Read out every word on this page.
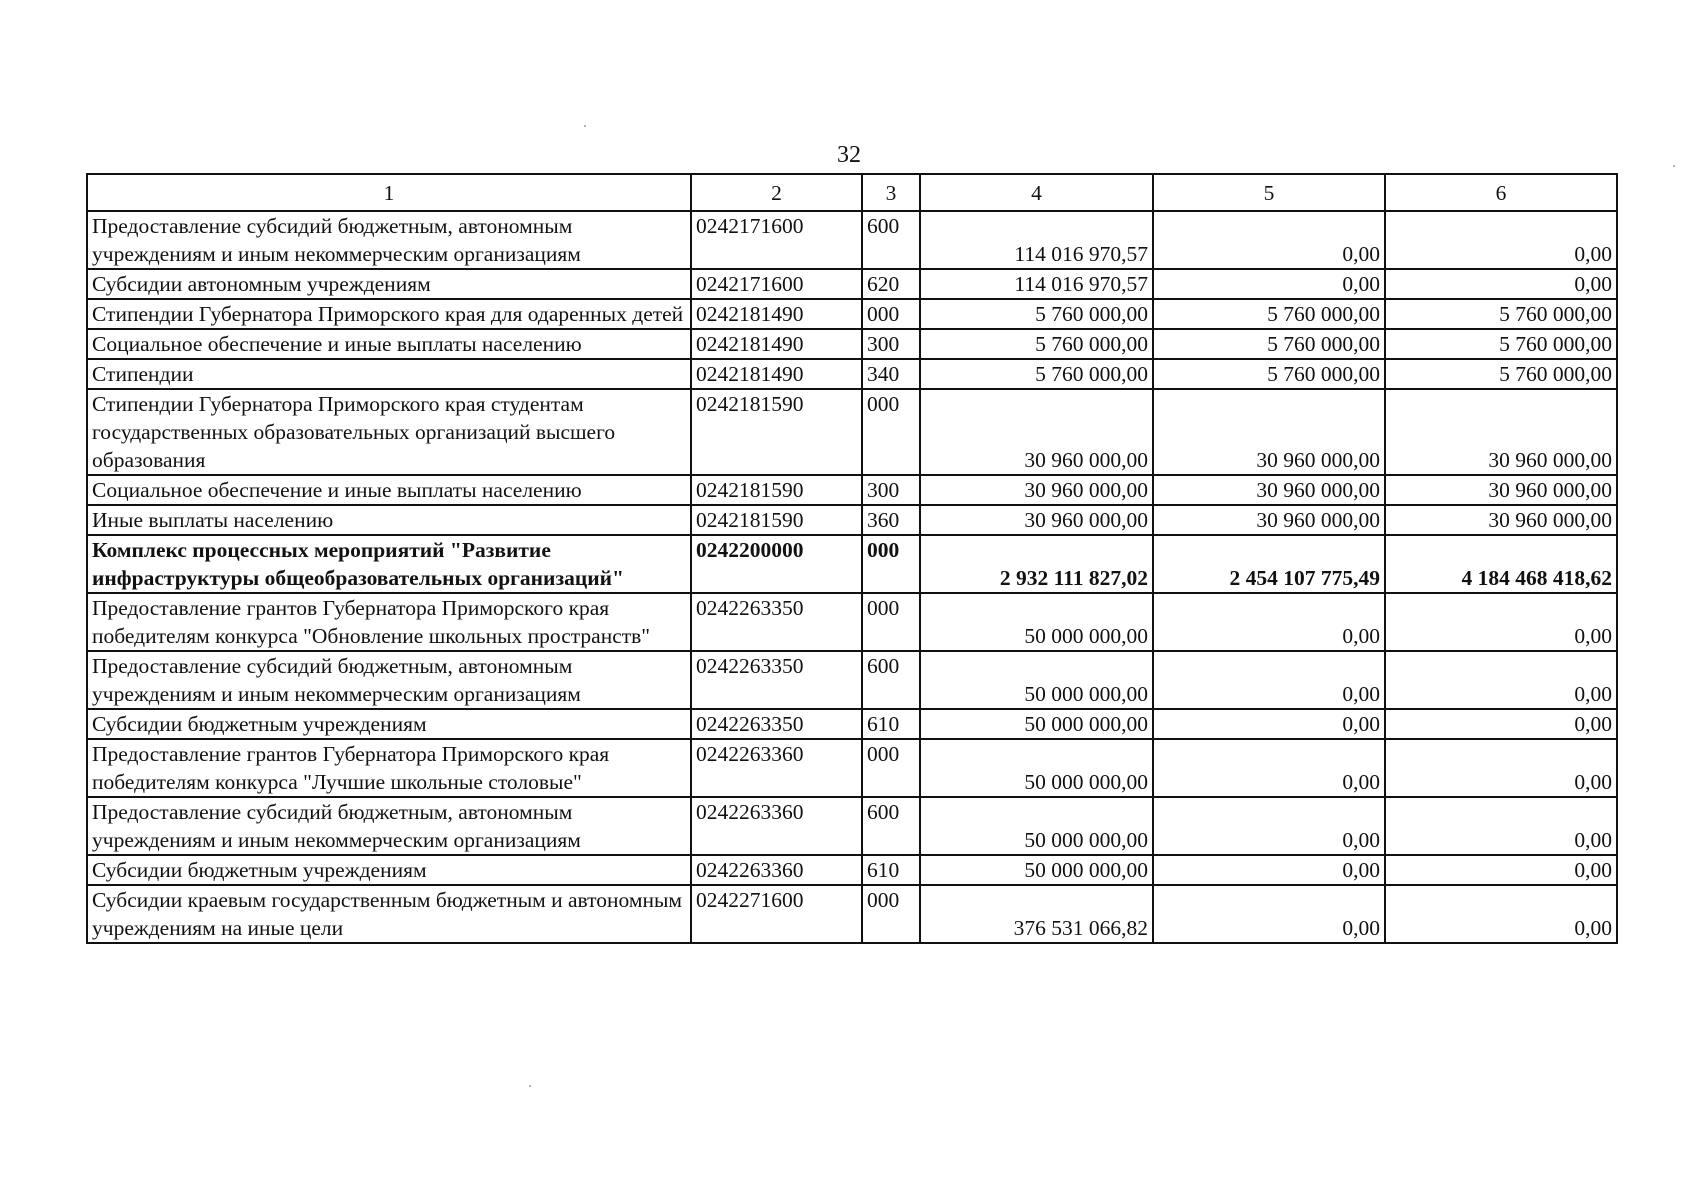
32
1	2	3	4	5	6
Предоставление субсидий бюджетным, автономным учреждениям и иным некоммерческим организациям	0242171600	600	114 016 970,57	0,00	0,00
Субсидии автономным учреждениям	0242171600	620	114 016 970,57	0,00	0,00
Стипендии Губернатора Приморского края для одаренных детей	0242181490	000	5 760 000,00	5 760 000,00	5 760 000,00
Социальное обеспечение и иные выплаты населению	0242181490	300	5 760 000,00	5 760 000,00	5 760 000,00
Стипендии	0242181490	340	5 760 000,00	5 760 000,00	5 760 000,00
Стипендии Губернатора Приморского края студентам государственных образовательных организаций высшего образования	0242181590	000	30 960 000,00	30 960 000,00	30 960 000,00
Социальное обеспечение и иные выплаты населению	0242181590	300	30 960 000,00	30 960 000,00	30 960 000,00
Иные выплаты населению	0242181590	360	30 960 000,00	30 960 000,00	30 960 000,00
Комплекс процессных мероприятий "Развитие инфраструктуры общеобразовательных организаций"	0242200000	000	2 932 111 827,02	2 454 107 775,49	4 184 468 418,62
Предоставление грантов Губернатора Приморского края победителям конкурса "Обновление школьных пространств"	0242263350	000	50 000 000,00	0,00	0,00
Предоставление субсидий бюджетным, автономным учреждениям и иным некоммерческим организациям	0242263350	600	50 000 000,00	0,00	0,00
Субсидии бюджетным учреждениям	0242263350	610	50 000 000,00	0,00	0,00
Предоставление грантов Губернатора Приморского края победителям конкурса "Лучшие школьные столовые"	0242263360	000	50 000 000,00	0,00	0,00
Предоставление субсидий бюджетным, автономным учреждениям и иным некоммерческим организациям	0242263360	600	50 000 000,00	0,00	0,00
Субсидии бюджетным учреждениям	0242263360	610	50 000 000,00	0,00	0,00
Субсидии краевым государственным бюджетным и автономным учреждениям на иные цели	0242271600	000	376 531 066,82	0,00	0,00
